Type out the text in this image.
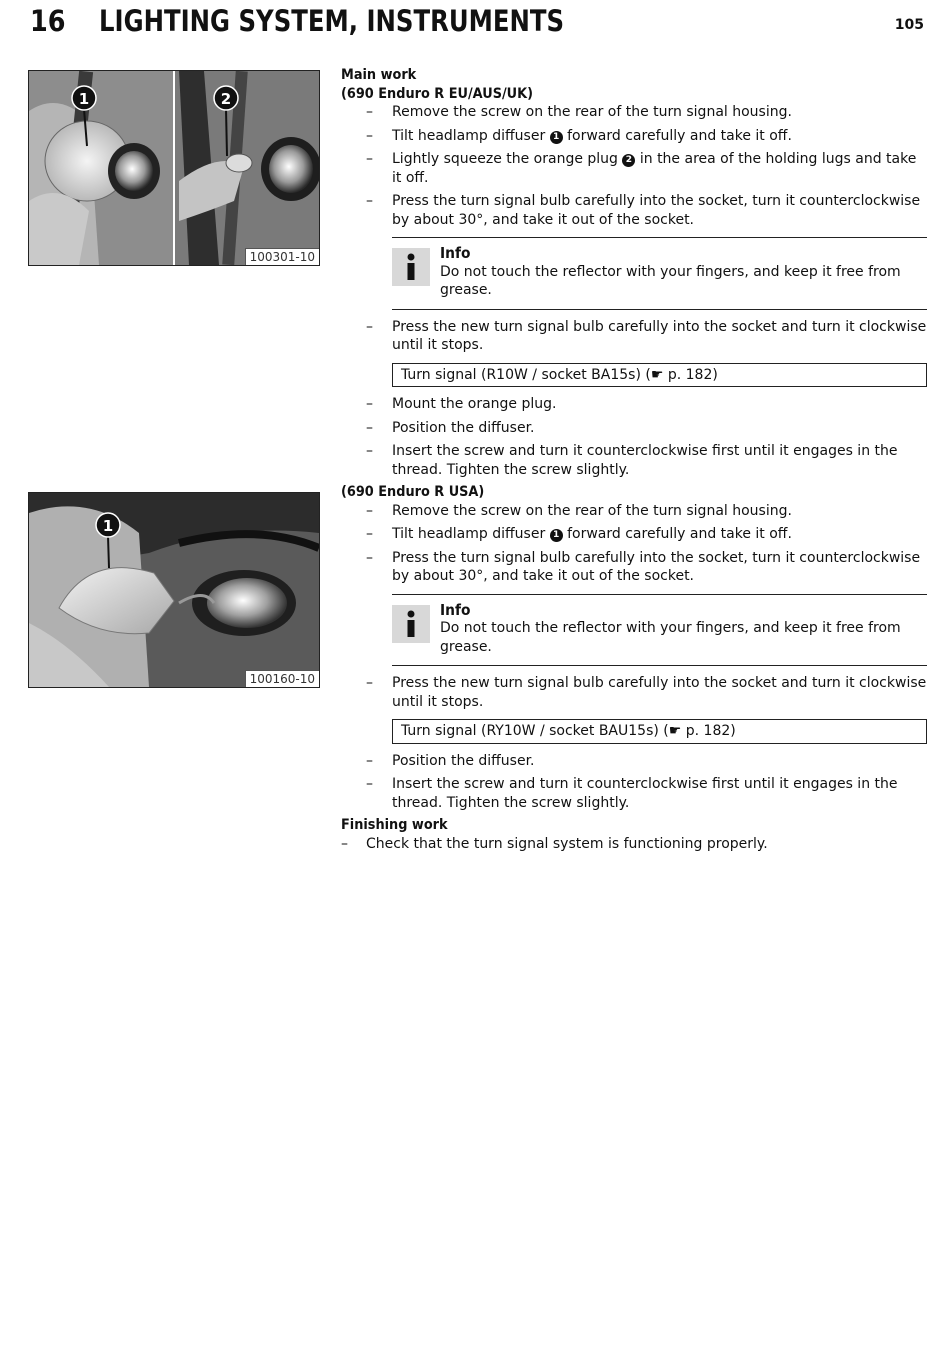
16 LIGHTING SYSTEM, INSTRUMENTS	105
1	2
100301-10
1
100160-10
Main work
(690 Enduro R EU/AUS/UK)
– Remove the screw on the rear of the turn signal housing.
– Tilt headlamp diffuser 1 forward carefully and take it off.
– Lightly squeeze the orange plug 2 in the area of the holding lugs and take it off.
– Press the turn signal bulb carefully into the socket, turn it counterclockwise by about 30°, and take it out of the socket.
Info
Do not touch the reflector with your fingers, and keep it free from grease.
– Press the new turn signal bulb carefully into the socket and turn it clockwise until it stops.
Turn signal (R10W / socket BA15s) (☛ p. 182)
– Mount the orange plug.
– Position the diffuser.
– Insert the screw and turn it counterclockwise first until it engages in the thread. Tighten the screw slightly.
(690 Enduro R USA)
– Remove the screw on the rear of the turn signal housing.
– Tilt headlamp diffuser 1 forward carefully and take it off.
– Press the turn signal bulb carefully into the socket, turn it counterclockwise by about 30°, and take it out of the socket.
Info
Do not touch the reflector with your fingers, and keep it free from grease.
– Press the new turn signal bulb carefully into the socket and turn it clockwise until it stops.
Turn signal (RY10W / socket BAU15s) (☛ p. 182)
– Position the diffuser.
– Insert the screw and turn it counterclockwise first until it engages in the thread. Tighten the screw slightly.
Finishing work
– Check that the turn signal system is functioning properly.
